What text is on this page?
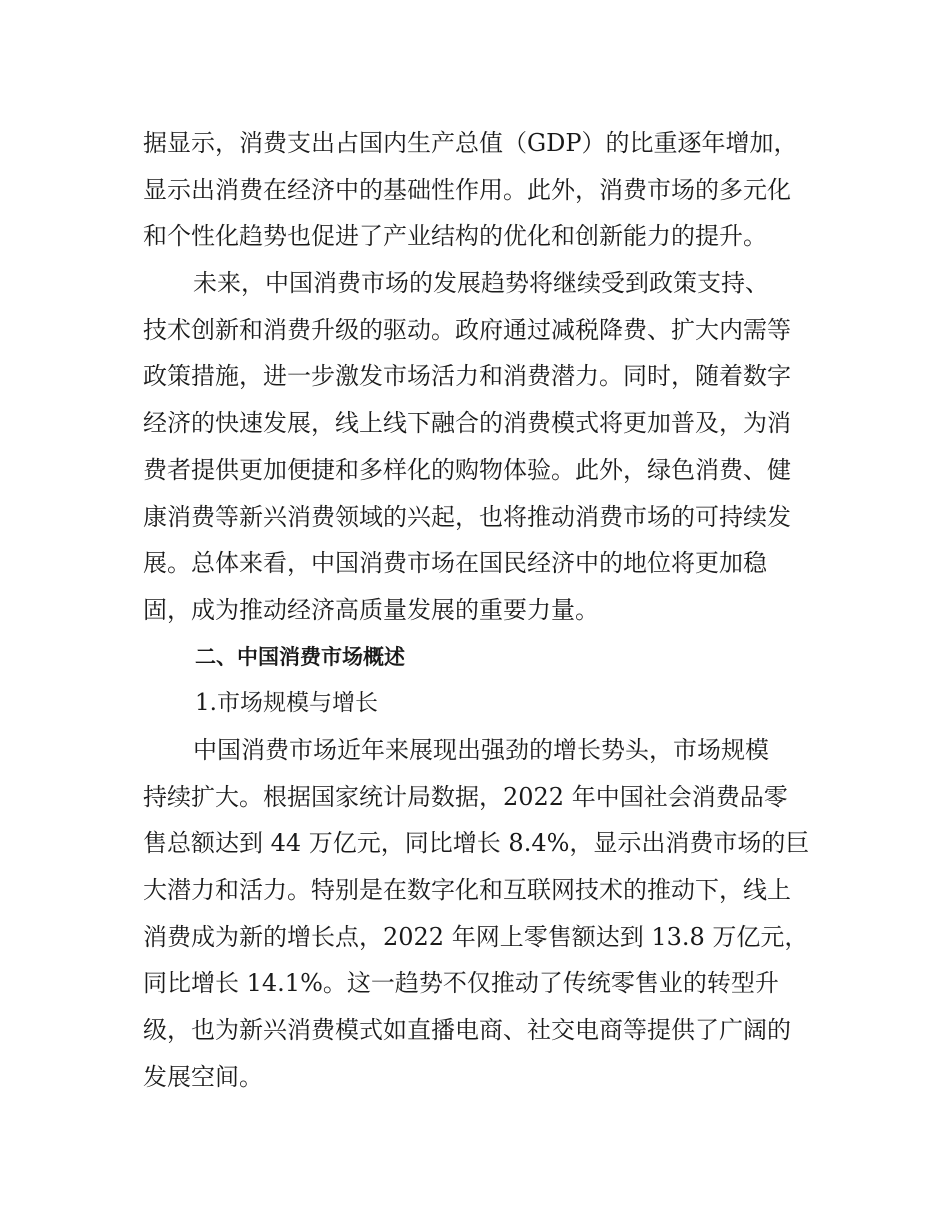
据显示，消费支出占国内生产总值（GDP）的比重逐年增加，
显示出消费在经济中的基础性作用。此外，消费市场的多元化
和个性化趋势也促进了产业结构的优化和创新能力的提升。
未来，中国消费市场的发展趋势将继续受到政策支持、
技术创新和消费升级的驱动。政府通过减税降费、扩大内需等
政策措施，进一步激发市场活力和消费潜力。同时，随着数字
经济的快速发展，线上线下融合的消费模式将更加普及，为消
费者提供更加便捷和多样化的购物体验。此外，绿色消费、健
康消费等新兴消费领域的兴起，也将推动消费市场的可持续发
展。总体来看，中国消费市场在国民经济中的地位将更加稳
固，成为推动经济高质量发展的重要力量。
二、中国消费市场概述
1.市场规模与增长
中国消费市场近年来展现出强劲的增长势头，市场规模
持续扩大。根据国家统计局数据，2022 年中国社会消费品零
售总额达到 44 万亿元，同比增长 8.4%，显示出消费市场的巨
大潜力和活力。特别是在数字化和互联网技术的推动下，线上
消费成为新的增长点，2022 年网上零售额达到 13.8 万亿元，
同比增长 14.1%。这一趋势不仅推动了传统零售业的转型升
级，也为新兴消费模式如直播电商、社交电商等提供了广阔的
发展空间。
